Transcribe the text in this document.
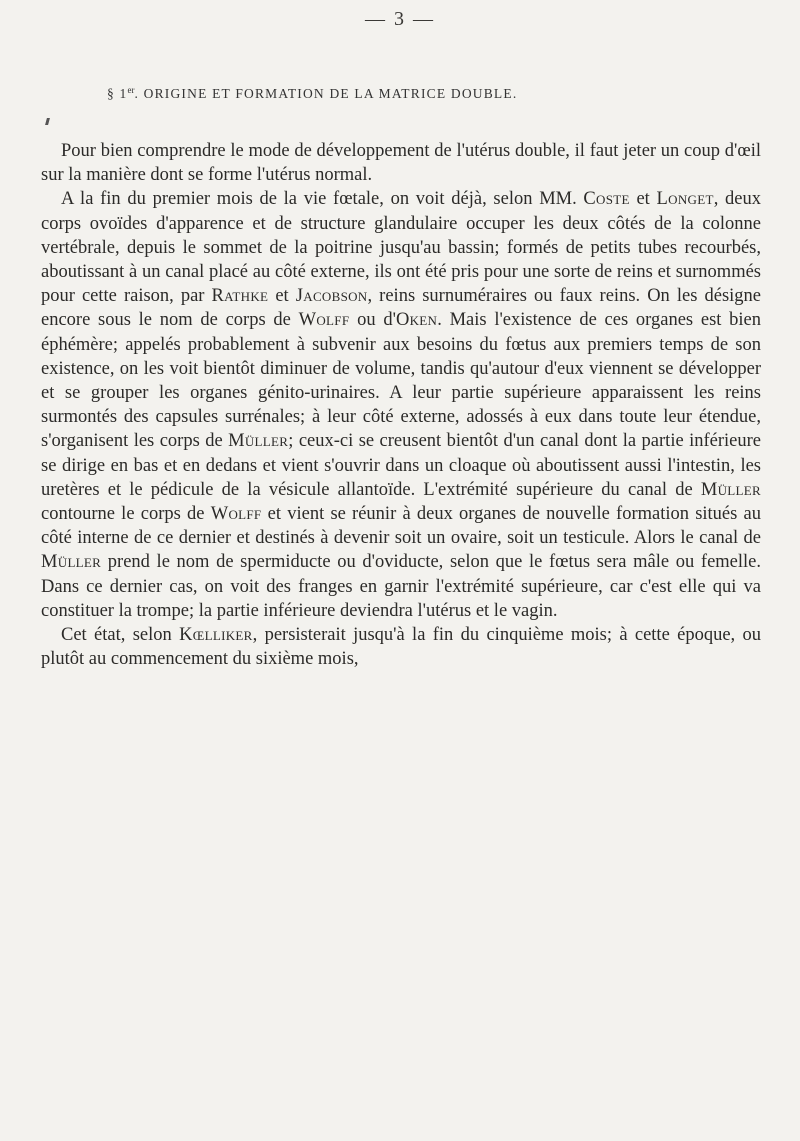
— 3 —
§ 1er. ORIGINE ET FORMATION DE LA MATRICE DOUBLE.

Pour bien comprendre le mode de développement de l'utérus double, il faut jeter un coup d'œil sur la manière dont se forme l'utérus normal.

A la fin du premier mois de la vie fœtale, on voit déjà, selon MM. Coste et Longet, deux corps ovoïdes d'apparence et de structure glandulaire occuper les deux côtés de la colonne vertébrale, depuis le sommet de la poitrine jusqu'au bassin; formés de petits tubes recourbés, aboutissant à un canal placé au côté externe, ils ont été pris pour une sorte de reins et surnommés pour cette raison, par Rathke et Jacobson, reins surnuméraires ou faux reins. On les désigne encore sous le nom de corps de Wolff ou d'Oken. Mais l'existence de ces organes est bien éphémère; appelés probablement à subvenir aux besoins du fœtus aux premiers temps de son existence, on les voit bientôt diminuer de volume, tandis qu'autour d'eux viennent se développer et se grouper les organes génito-urinaires. A leur partie supérieure apparaissent les reins surmontés des capsules surrénales; à leur côté externe, adossés à eux dans toute leur étendue, s'organisent les corps de Müller; ceux-ci se creusent bientôt d'un canal dont la partie inférieure se dirige en bas et en dedans et vient s'ouvrir dans un cloaque où aboutissent aussi l'intestin, les uretères et le pédicule de la vésicule allantoïde. L'extrémité supérieure du canal de Müller contourne le corps de Wolff et vient se réunir à deux organes de nouvelle formation situés au côté interne de ce dernier et destinés à devenir soit un ovaire, soit un testicule. Alors le canal de Müller prend le nom de spermiducte ou d'oviducte, selon que le fœtus sera mâle ou femelle. Dans ce dernier cas, on voit des franges en garnir l'extrémité supérieure, car c'est elle qui va constituer la trompe; la partie inférieure deviendra l'utérus et le vagin.

Cet état, selon Kœlliker, persisterait jusqu'à la fin du cinquième mois; à cette époque, ou plutôt au commencement du sixième mois,
